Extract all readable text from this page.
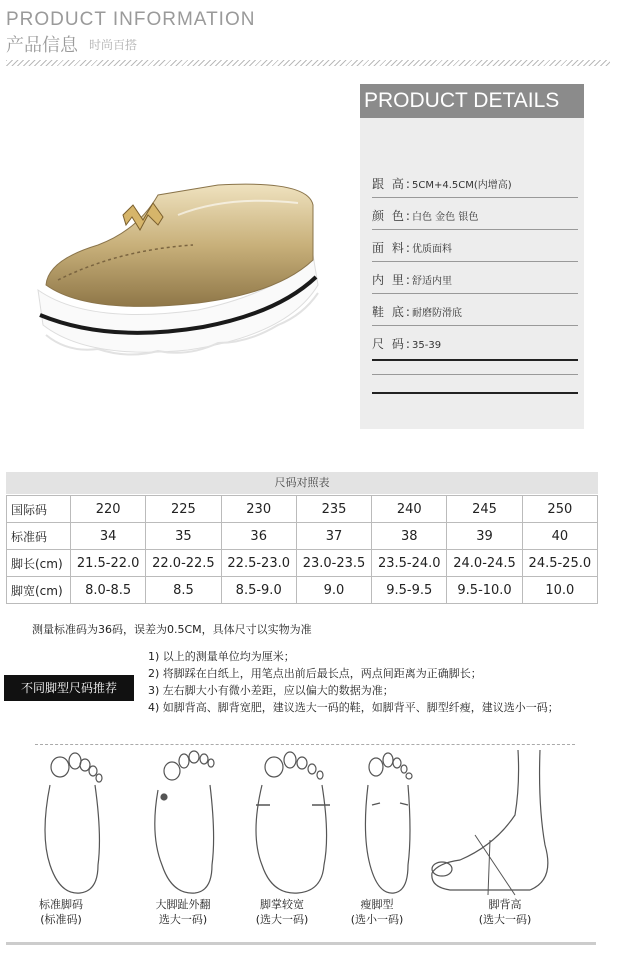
PRODUCT INFORMATION
产品信息 时尚百搭
PRODUCT DETAILS
跟 高:5CM+4.5CM(内增高)
颜 色:白色 金色 银色
面 料:优质面料
内 里:舒适内里
鞋 底:耐磨防滑底
尺 码:35-39
尺码对照表
国际码	220	225	230	235	240	245	250
标准码	34	35	36	37	38	39	40
脚长(cm)	21.5-22.0	22.0-22.5	22.5-23.0	23.0-23.5	23.5-24.0	24.0-24.5	24.5-25.0
脚宽(cm)	8.0-8.5	8.5	8.5-9.0	9.0	9.5-9.5	9.5-10.0	10.0
测量标准码为36码，误差为0.5CM，具体尺寸以实物为准
不同脚型尺码推荐
1) 以上的测量单位均为厘米；
2) 将脚踩在白纸上，用笔点出前后最长点，两点间距离为正确脚长；
3) 左右脚大小有微小差距，应以偏大的数据为准；
4) 如脚背高、脚背宽肥，建议选大一码的鞋，如脚背平、脚型纤瘦，建议选小一码；
标准脚码
(标准码)
大脚趾外翻
选大一码)
脚掌较宽
(选大一码)
瘦脚型
(选小一码)
脚背高
(选大一码)
